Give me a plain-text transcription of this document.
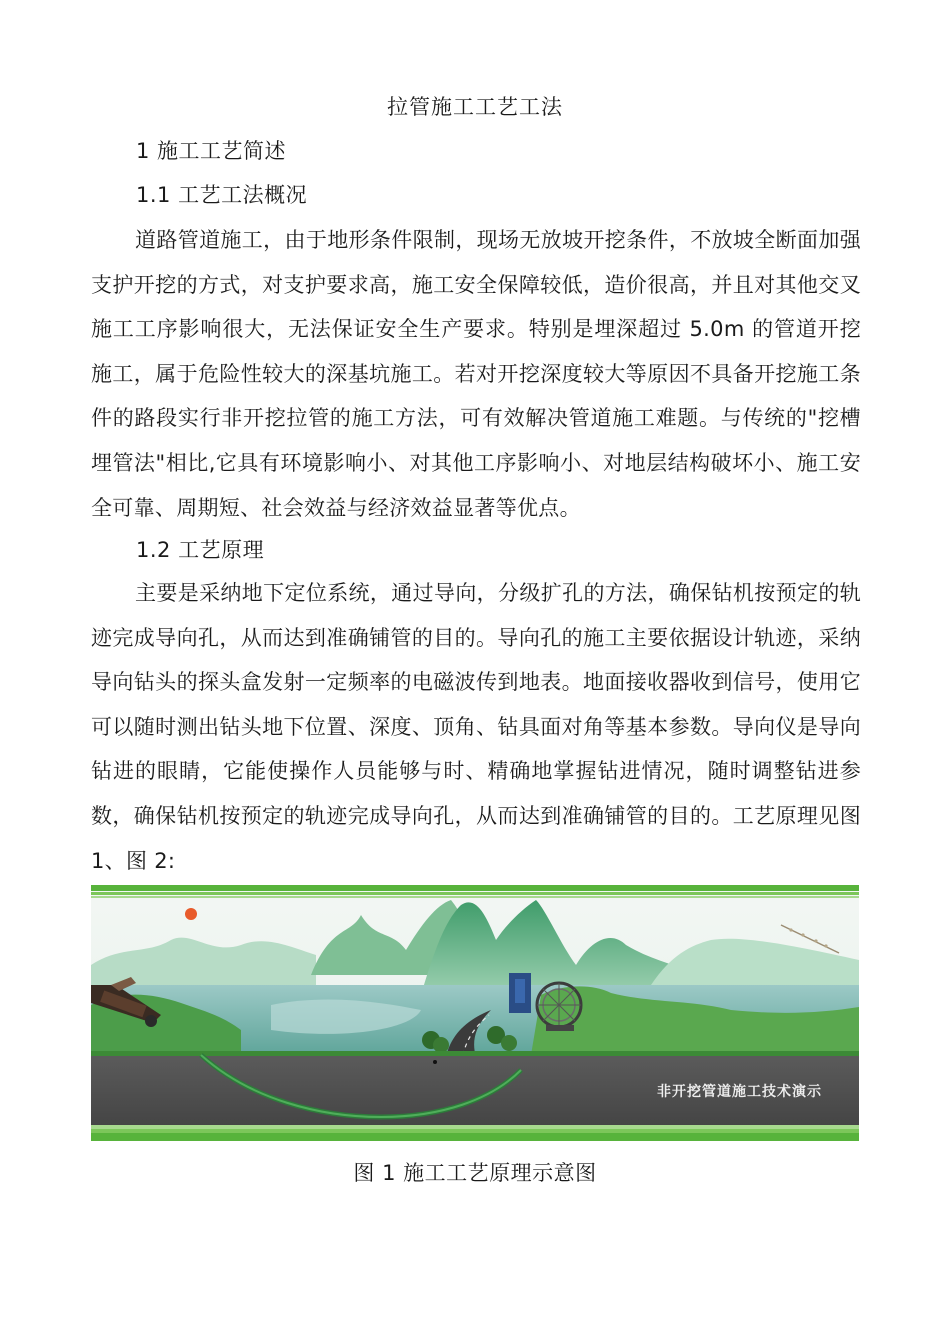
拉管施工工艺工法
1 施工工艺简述
1.1 工艺工法概况

道路管道施工，由于地形条件限制，现场无放坡开挖条件，不放坡全断面加强支护开挖的方式，对支护要求高，施工安全保障较低，造价很高，并且对其他交叉施工工序影响很大，无法保证安全生产要求。特别是埋深超过 5.0m 的管道开挖施工，属于危险性较大的深基坑施工。若对开挖深度较大等原因不具备开挖施工条件的路段实行非开挖拉管的施工方法，可有效解决管道施工难题。与传统的"挖槽埋管法"相比,它具有环境影响小、对其他工序影响小、对地层结构破坏小、施工安全可靠、周期短、社会效益与经济效益显著等优点。

1.2 工艺原理

主要是采纳地下定位系统，通过导向，分级扩孔的方法，确保钻机按预定的轨迹完成导向孔，从而达到准确铺管的目的。导向孔的施工主要依据设计轨迹，采纳导向钻头的探头盒发射一定频率的电磁波传到地表。地面接收器收到信号，使用它可以随时测出钻头地下位置、深度、顶角、钻具面对角等基本参数。导向仪是导向钻进的眼睛，它能使操作人员能够与时、精确地掌握钻进情况，随时调整钻进参数，确保钻机按预定的轨迹完成导向孔，从而达到准确铺管的目的。工艺原理见图 1、图 2:

非开挖管道施工技术演示
图 1 施工工艺原理示意图
